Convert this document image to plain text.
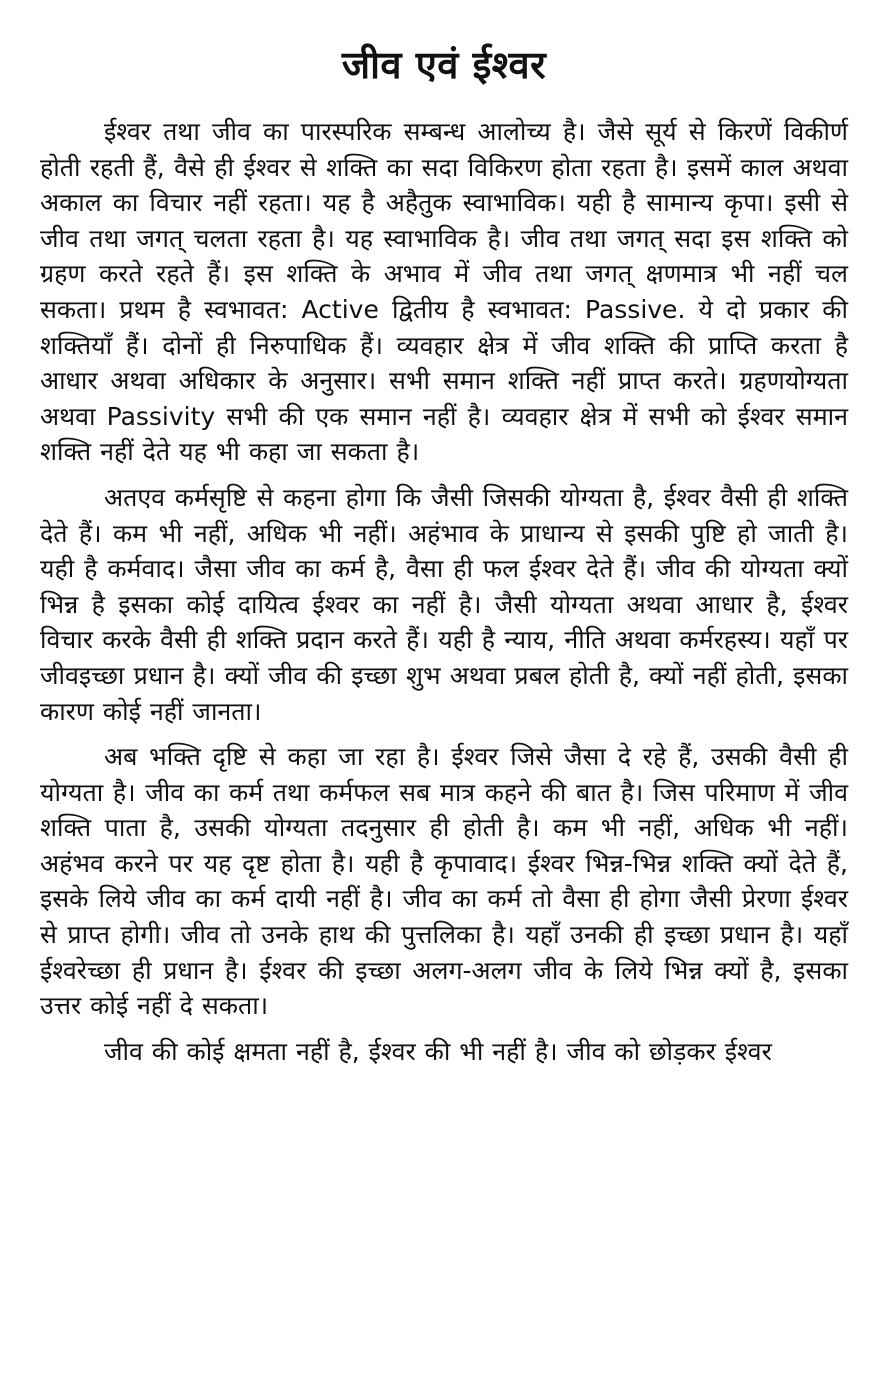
जीव एवं ईश्वर

ईश्वर तथा जीव का पारस्परिक सम्बन्ध आलोच्य है। जैसे सूर्य से किरणें विकीर्ण होती रहती हैं, वैसे ही ईश्वर से शक्ति का सदा विकिरण होता रहता है। इसमें काल अथवा अकाल का विचार नहीं रहता। यह है अहैतुक स्वाभाविक। यही है सामान्य कृपा। इसी से जीव तथा जगत् चलता रहता है। यह स्वाभाविक है। जीव तथा जगत् सदा इस शक्ति को ग्रहण करते रहते हैं। इस शक्ति के अभाव में जीव तथा जगत् क्षणमात्र भी नहीं चल सकता। प्रथम है स्वभावत: Active द्वितीय है स्वभावत: Passive. ये दो प्रकार की शक्तियाँ हैं। दोनों ही निरुपाधिक हैं। व्यवहार क्षेत्र में जीव शक्ति की प्राप्ति करता है आधार अथवा अधिकार के अनुसार। सभी समान शक्ति नहीं प्राप्त करते। ग्रहणयोग्यता अथवा Passivity सभी की एक समान नहीं है। व्यवहार क्षेत्र में सभी को ईश्वर समान शक्ति नहीं देते यह भी कहा जा सकता है।

अतएव कर्मसृष्टि से कहना होगा कि जैसी जिसकी योग्यता है, ईश्वर वैसी ही शक्ति देते हैं। कम भी नहीं, अधिक भी नहीं। अहंभाव के प्राधान्य से इसकी पुष्टि हो जाती है। यही है कर्मवाद। जैसा जीव का कर्म है, वैसा ही फल ईश्वर देते हैं। जीव की योग्यता क्यों भिन्न है इसका कोई दायित्व ईश्वर का नहीं है। जैसी योग्यता अथवा आधार है, ईश्वर विचार करके वैसी ही शक्ति प्रदान करते हैं। यही है न्याय, नीति अथवा कर्मरहस्य। यहाँ पर जीवइच्छा प्रधान है। क्यों जीव की इच्छा शुभ अथवा प्रबल होती है, क्यों नहीं होती, इसका कारण कोई नहीं जानता।

अब भक्ति दृष्टि से कहा जा रहा है। ईश्वर जिसे जैसा दे रहे हैं, उसकी वैसी ही योग्यता है। जीव का कर्म तथा कर्मफल सब मात्र कहने की बात है। जिस परिमाण में जीव शक्ति पाता है, उसकी योग्यता तदनुसार ही होती है। कम भी नहीं, अधिक भी नहीं। अहंभव करने पर यह दृष्ट होता है। यही है कृपावाद। ईश्वर भिन्न-भिन्न शक्ति क्यों देते हैं, इसके लिये जीव का कर्म दायी नहीं है। जीव का कर्म तो वैसा ही होगा जैसी प्रेरणा ईश्वर से प्राप्त होगी। जीव तो उनके हाथ की पुत्तलिका है। यहाँ उनकी ही इच्छा प्रधान है। यहाँ ईश्वरेच्छा ही प्रधान है। ईश्वर की इच्छा अलग-अलग जीव के लिये भिन्न क्यों है, इसका उत्तर कोई नहीं दे सकता।

जीव की कोई क्षमता नहीं है, ईश्वर की भी नहीं है। जीव को छोड़कर ईश्वर
